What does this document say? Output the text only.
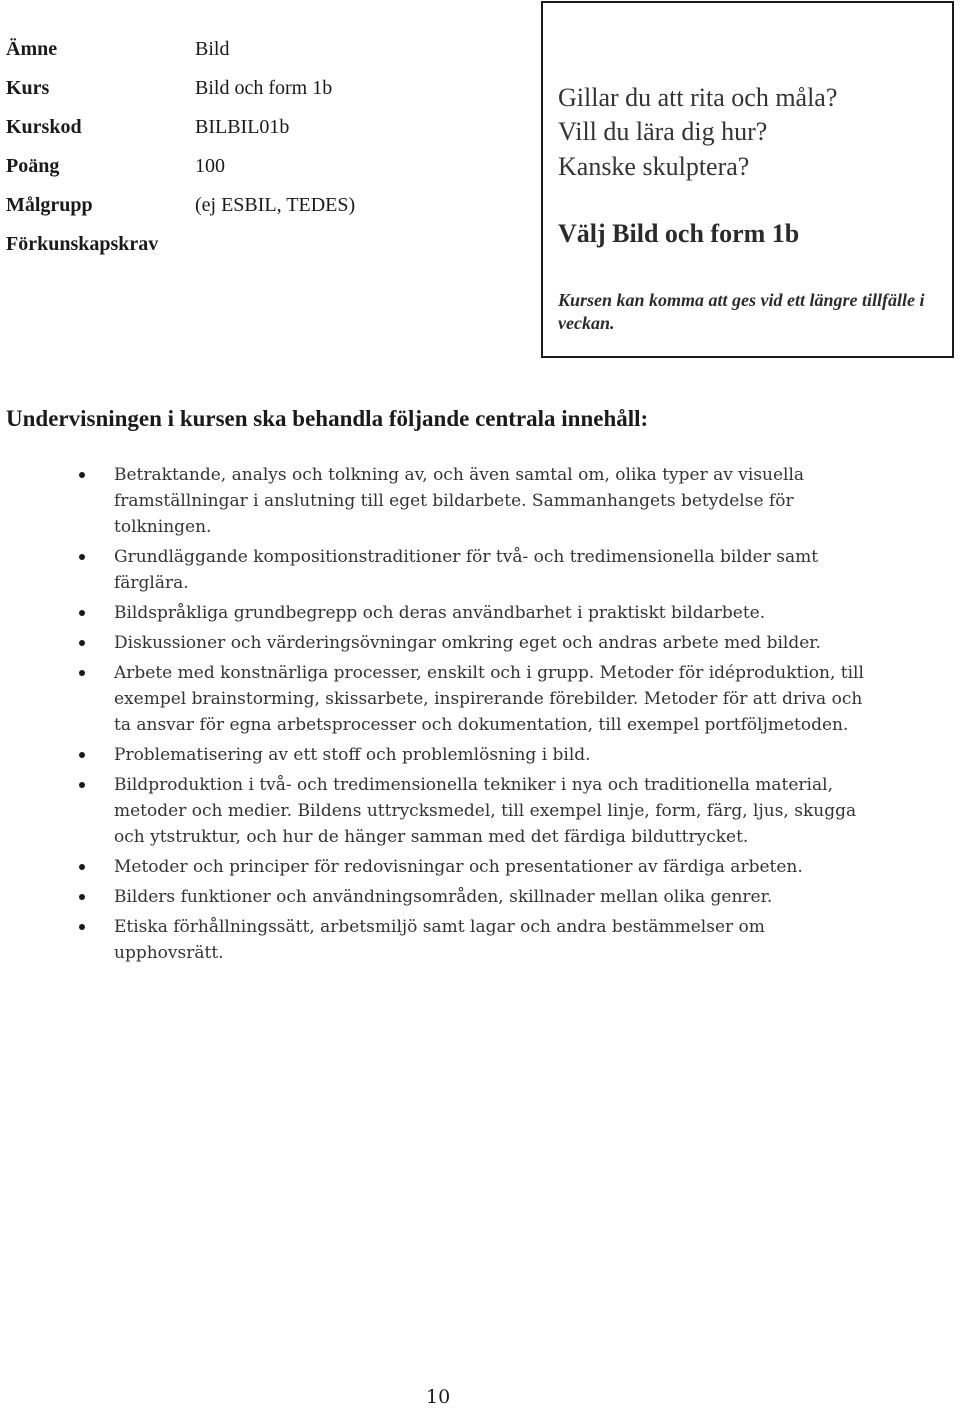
Ämne	Bild
Kurs	Bild och form 1b
Kurskod	BILBIL01b
Poäng	100
Målgrupp	(ej ESBIL, TEDES)
Förkunskapskrav
Gillar du att rita och måla?
Vill du lära dig hur?
Kanske skulptera?
Välj Bild och form 1b
Kursen kan komma att ges vid ett längre tillfälle i veckan.
Undervisningen i kursen ska behandla följande centrala innehåll:
Betraktande, analys och tolkning av, och även samtal om, olika typer av visuella framställningar i anslutning till eget bildarbete. Sammanhangets betydelse för tolkningen.
Grundläggande kompositionstraditioner för två- och tredimensionella bilder samt färglära.
Bildspråkliga grundbegrepp och deras användbarhet i praktiskt bildarbete.
Diskussioner och värderingsövningar omkring eget och andras arbete med bilder.
Arbete med konstnärliga processer, enskilt och i grupp. Metoder för idéproduktion, till exempel brainstorming, skissarbete, inspirerande förebilder. Metoder för att driva och ta ansvar för egna arbetsprocesser och dokumentation, till exempel portföljmetoden.
Problematisering av ett stoff och problemlösning i bild.
Bildproduktion i två- och tredimensionella tekniker i nya och traditionella material, metoder och medier. Bildens uttrycksmedel, till exempel linje, form, färg, ljus, skugga och ytstruktur, och hur de hänger samman med det färdiga bilduttrycket.
Metoder och principer för redovisningar och presentationer av färdiga arbeten.
Bilders funktioner och användningsområden, skillnader mellan olika genrer.
Etiska förhållningssätt, arbetsmiljö samt lagar och andra bestämmelser om upphovsrätt.
10
